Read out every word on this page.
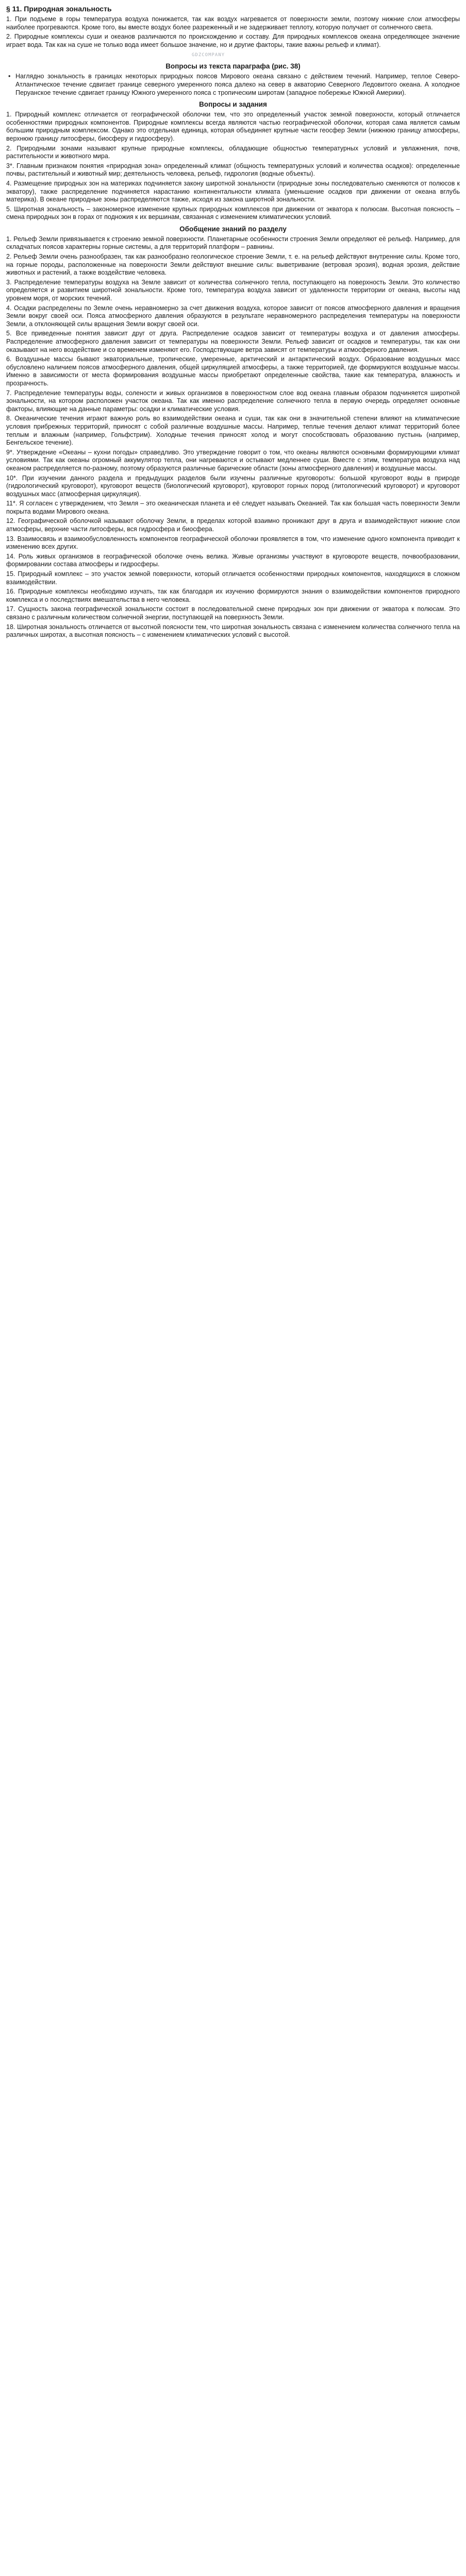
§ 11. Природная зональность

1. При подъеме в горы температура воздуха понижается, так как воздух нагревается от поверхности земли, поэтому нижние слои атмосферы наиболее прогреваются. Кроме того, вы вместе воздух более разреженный и не задерживает теплоту, которую получает от солнечного света.

2. Природные комплексы суши и океанов различаются по происхождению и составу. Для природных комплексов океана определяющее значение играет вода. Так как на суше не только вода имеет большое значение, но и другие факторы, такие важны рельеф и климат).

GDZCOMPANY
Вопросы из текста параграфа (рис. 38)
• Наглядно зональность в границах некоторых природных поясов Мирового океана связано с действием течений. Например, теплое Северо-Атлантическое течение сдвигает границе северного умеренного пояса далеко на север в акваторию Северного Ледовитого океана. А холодное Перуанское течение сдвигает границу Южного умеренного пояса с тропическим широтам (западное побережье Южной Америки).
Вопросы и задания

1. Природный комплекс отличается от географической оболочки тем, что это определенный участок земной поверхности, который отличается особенностями природных компонентов. Природные комплексы всегда являются частью географической оболочки, которая сама является самым большим природным комплексом. Однако это отдельная единица, которая объединяет крупные части геосфер Земли (нижнюю границу атмосферы, верхнюю границу литосферы, биосферу и гидросферу).

2. Природными зонами называют крупные природные комплексы, обладающие общностью температурных условий и увлажнения, почв, растительности и животного мира.

3*. Главным признаком понятия «природная зона» определенный климат (общность температурных условий и количества осадков): определенные почвы, растительный и животный мир; деятельность человека, рельеф, гидрология (водные объекты).

4. Размещение природных зон на материках подчиняется закону широтной зональности (природные зоны последовательно сменяются от полюсов к экватору), также распределение подчиняется нарастанию континентальности климата (уменьшение осадков при движении от океана вглубь материка). В океане природные зоны распределяются также, исходя из закона широтной зональности.

5. Широтная зональность – закономерное изменение крупных природных комплексов при движении от экватора к полюсам. Высотная поясность – смена природных зон в горах от подножия к их вершинам, связанная с изменением климатических условий.

Обобщение знаний по разделу

1. Рельеф Земли привязывается к строению земной поверхности. Планетарные особенности строения Земли определяют её рельеф. Например, для складчатых поясов характерны горные системы, а для территорий платформ – равнины.

2. Рельеф Земли очень разнообразен, так как разнообразно геологическое строение Земли, т. е. на рельеф действуют внутренние силы. Кроме того, на горные породы, расположенные на поверхности Земли действуют внешние силы: выветривание (ветровая эрозия), водная эрозия, действие животных и растений, а также воздействие человека.

3. Распределение температуры воздуха на Земле зависит от количества солнечного тепла, поступающего на поверхность Земли. Это количество определяется и развитием широтной зональности. Кроме того, температура воздуха зависит от удаленности территории от океана, высоты над уровнем моря, от морских течений.

4. Осадки распределены по Земле очень неравномерно за счет движения воздуха, которое зависит от поясов атмосферного давления и вращения Земли вокруг своей оси. Пояса атмосферного давления образуются в результате неравномерного распределения температуры на поверхности Земли, а отклоняющей силы вращения Земли вокруг своей оси.

5. Все приведенные понятия зависит друг от друга. Распределение осадков зависит от температуры воздуха и от давления атмосферы. Распределение атмосферного давления зависит от температуры на поверхности Земли. Рельеф зависит от осадков и температуры, так как они оказывают на него воздействие и со временем изменяют его. Господствующие ветра зависят от температуры и атмосферного давления.

6. Воздушные массы бывают экваториальные, тропические, умеренные, арктический и антарктический воздух. Образование воздушных масс обусловлено наличием поясов атмосферного давления, общей циркуляцией атмосферы, а также территорией, где формируются воздушные массы. Именно в зависимости от места формирования воздушные массы приобретают определенные свойства, такие как температура, влажность и прозрачность.

7. Распределение температуры воды, солености и живых организмов в поверхностном слое вод океана главным образом подчиняется широтной зональности, на котором расположен участок океана. Так как именно распределение солнечного тепла в первую очередь определяет основные факторы, влияющие на данные параметры: осадки и климатические условия.

8. Океанические течения играют важную роль во взаимодействии океана и суши, так как они в значительной степени влияют на климатические условия прибрежных территорий, приносят с собой различные воздушные массы. Например, теплые течения делают климат территорий более теплым и влажным (например, Гольфстрим). Холодные течения приносят холод и могут способствовать образованию пустынь (например, Бенгельское течение).

9*. Утверждение «Океаны – кухни погоды» справедливо. Это утверждение говорит о том, что океаны являются основными формирующими климат условиями. Так как океаны огромный аккумулятор тепла, они нагреваются и остывают медленнее суши. Вместе с этим, температура воздуха над океаном распределяется по-разному, поэтому образуются различные барические области (зоны атмосферного давления) и воздушные массы.

10*. При изучении данного раздела и предыдущих разделов были изучены различные круговороты: большой круговорот воды в природе (гидрологический круговорот), круговорот веществ (биологический круговорот), круговорот горных пород (литологический круговорот) и круговорот воздушных масс (атмосферная циркуляция).

11*. Я согласен с утверждением, что Земля – это океаническая планета и её следует называть Океанией. Так как большая часть поверхности Земли покрыта водами Мирового океана.

12. Географической оболочкой называют оболочку Земли, в пределах которой взаимно проникают друг в друга и взаимодействуют нижние слои атмосферы, верхние части литосферы, вся гидросфера и биосфера.

13. Взаимосвязь и взаимообусловленность компонентов географической оболочки проявляется в том, что изменение одного компонента приводит к изменению всех других.

14. Роль живых организмов в географической оболочке очень велика. Живые организмы участвуют в круговороте веществ, почвообразовании, формировании состава атмосферы и гидросферы.

15. Природный комплекс – это участок земной поверхности, который отличается особенностями природных компонентов, находящихся в сложном взаимодействии.

16. Природные комплексы необходимо изучать, так как благодаря их изучению формируются знания о взаимодействии компонентов природного комплекса и о последствиях вмешательства в него человека.

17. Сущность закона географической зональности состоит в последовательной смене природных зон при движении от экватора к полюсам. Это связано с различным количеством солнечной энергии, поступающей на поверхность Земли.

18. Широтная зональность отличается от высотной поясности тем, что широтная зональность связана с изменением количества солнечного тепла на различных широтах, а высотная поясность – с изменением климатических условий с высотой.
